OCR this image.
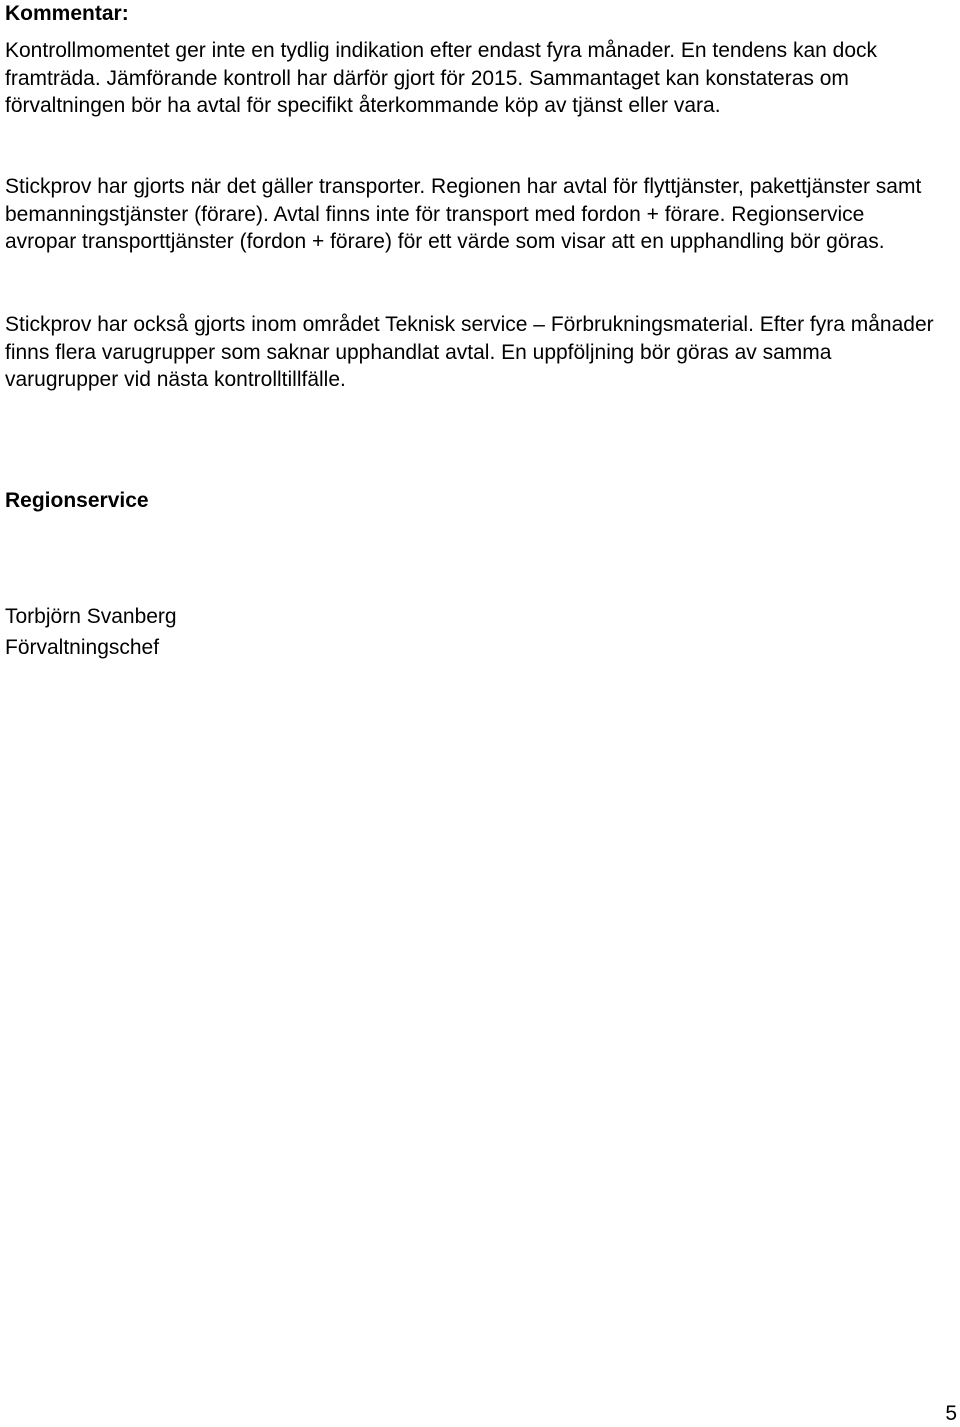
Kommentar:

Kontrollmomentet ger inte en tydlig indikation efter endast fyra månader. En tendens kan dock framträda. Jämförande kontroll har därför gjort för 2015. Sammantaget kan konstateras om förvaltningen bör ha avtal för specifikt återkommande köp av tjänst eller vara.

Stickprov har gjorts när det gäller transporter. Regionen har avtal för flyttjänster, pakettjänster samt bemanningstjänster (förare). Avtal finns inte för transport med fordon + förare. Regionservice avropar transporttjänster (fordon + förare) för ett värde som visar att en upphandling bör göras.

Stickprov har också gjorts inom området Teknisk service – Förbrukningsmaterial. Efter fyra månader finns flera varugrupper som saknar upphandlat avtal. En uppföljning bör göras av samma varugrupper vid nästa kontrolltillfälle.

Regionservice
Torbjörn Svanberg
Förvaltningschef
5
